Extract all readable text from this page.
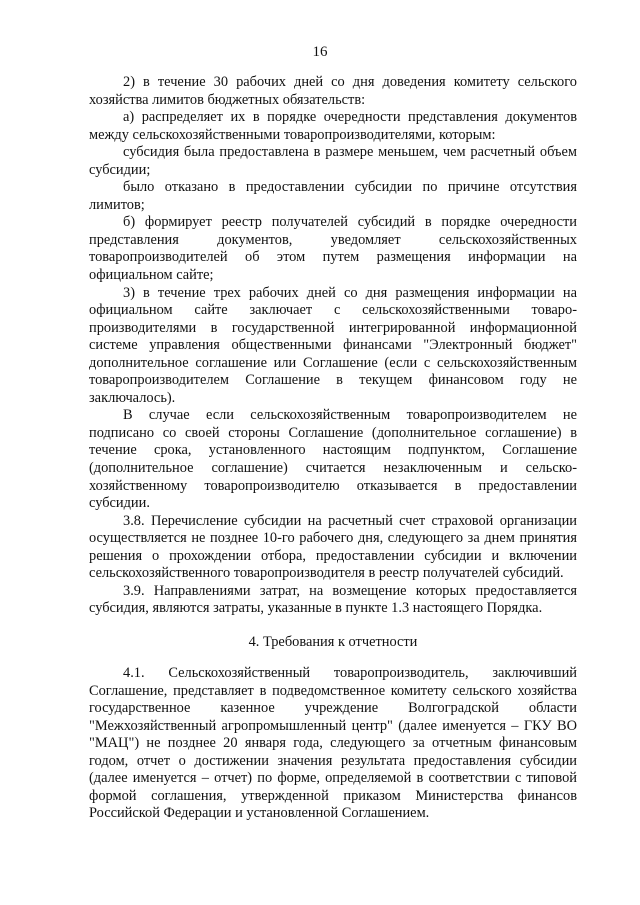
16

2) в течение 30 рабочих дней со дня доведения комитету сельского хозяйства лимитов бюджетных обязательств:

а) распределяет их в порядке очередности представления документов между сельскохозяйственными товаропроизводителями, которым:

субсидия была предоставлена в размере меньшем, чем расчетный объем субсидии;

было отказано в предоставлении субсидии по причине отсутствия лимитов;

б) формирует реестр получателей субсидий в порядке очередности представления документов, уведомляет сельскохозяйственных товаропроизводителей об этом путем размещения информации на официальном сайте;

3) в течение трех рабочих дней со дня размещения информации на официальном сайте заключает с сельскохозяйственными товаропроизводителями в государственной интегрированной информационной системе управления общественными финансами "Электронный бюджет" дополнительное соглашение или Соглашение (если с сельскохозяйственным товаропроизводителем Соглашение в текущем финансовом году не заключалось).

В случае если сельскохозяйственным товаропроизводителем не подписано со своей стороны Соглашение (дополнительное соглашение) в течение срока, установленного настоящим подпунктом, Соглашение (дополнительное соглашение) считается незаключенным и сельскохозяйственному товаропроизводителю отказывается в предоставлении субсидии.

3.8. Перечисление субсидии на расчетный счет страховой организации осуществляется не позднее 10-го рабочего дня, следующего за днем принятия решения о прохождении отбора, предоставлении субсидии и включении сельскохозяйственного товаропроизводителя в реестр получателей субсидий.

3.9. Направлениями затрат, на возмещение которых предоставляется субсидия, являются затраты, указанные в пункте 1.3 настоящего Порядка.

4. Требования к отчетности

4.1. Сельскохозяйственный товаропроизводитель, заключивший Соглашение, представляет в подведомственное комитету сельского хозяйства государственное казенное учреждение Волгоградской области "Межхозяйственный агропромышленный центр" (далее именуется – ГКУ ВО "МАЦ") не позднее 20 января года, следующего за отчетным финансовым годом, отчет о достижении значения результата предоставления субсидии (далее именуется – отчет) по форме, определяемой в соответствии с типовой формой соглашения, утвержденной приказом Министерства финансов Российской Федерации и установленной Соглашением.
